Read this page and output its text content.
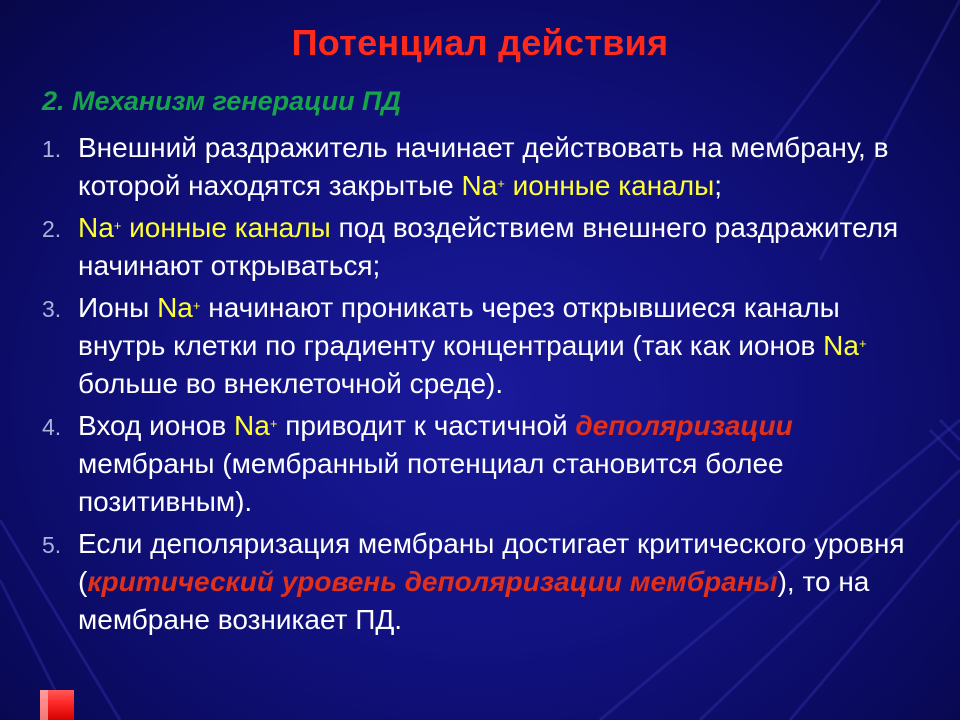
Потенциал действия
2. Механизм генерации ПД
1. Внешний раздражитель начинает действовать на мембрану, в которой находятся закрытые Na+ ионные каналы;
2. Na+ ионные каналы под воздействием внешнего раздражителя начинают открываться;
3. Ионы Na+ начинают проникать через открывшиеся каналы внутрь клетки по градиенту концентрации (так как ионов Na+ больше во внеклеточной среде).
4. Вход ионов Na+ приводит к частичной деполяризации мембраны (мембранный потенциал становится более позитивным).
5. Если деполяризация мембраны достигает критического уровня (критический уровень деполяризации мембраны), то на мембране возникает ПД.
